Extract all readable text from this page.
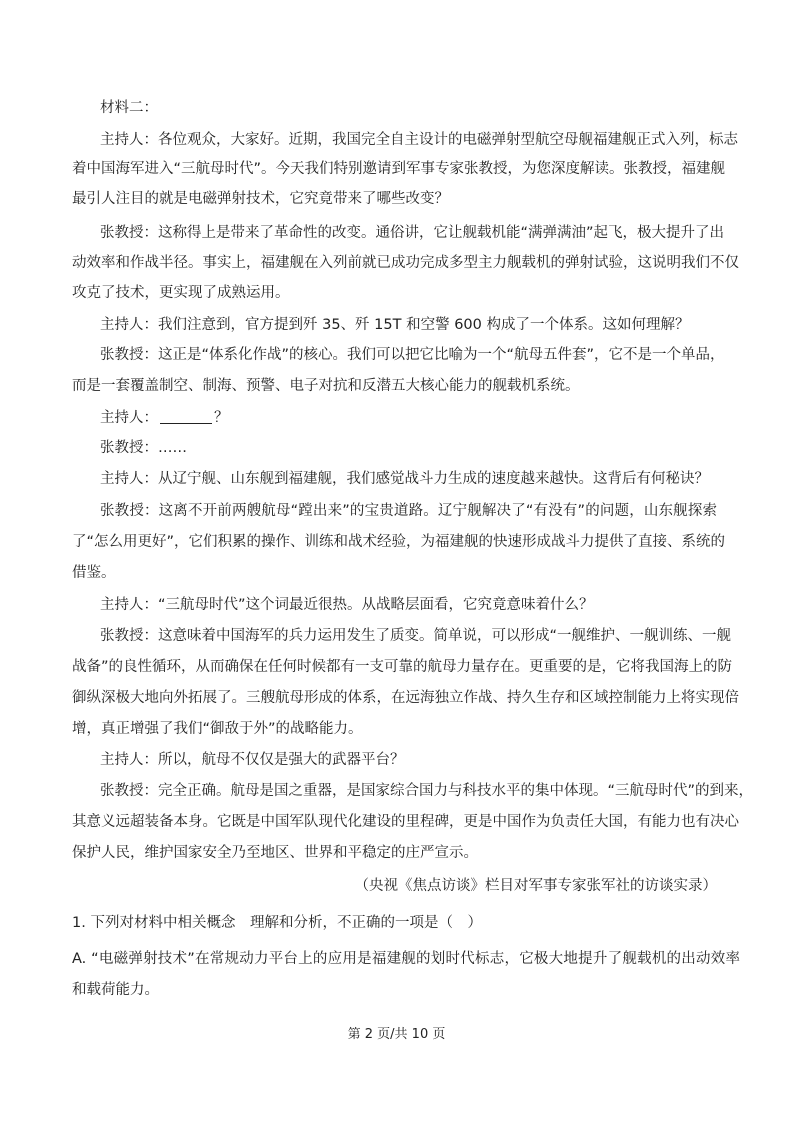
材料二：
主持人：各位观众，大家好。近期，我国完全自主设计的电磁弹射型航空母舰福建舰正式入列，标志
着中国海军进入“三航母时代”。今天我们特别邀请到军事专家张教授，为您深度解读。张教授，福建舰
最引人注目的就是电磁弹射技术，它究竟带来了哪些改变？
张教授：这称得上是带来了革命性的改变。通俗讲，它让舰载机能“满弹满油”起飞，极大提升了出
动效率和作战半径。事实上，福建舰在入列前就已成功完成多型主力舰载机的弹射试验，这说明我们不仅
攻克了技术，更实现了成熟运用。
主持人：我们注意到，官方提到歼 35、歼 15T 和空警 600 构成了一个体系。这如何理解？
张教授：这正是“体系化作战”的核心。我们可以把它比喻为一个“航母五件套”，它不是一个单品，
而是一套覆盖制空、制海、预警、电子对抗和反潜五大核心能力的舰载机系统。
主持人：	？
张教授：……
主持人：从辽宁舰、山东舰到福建舰，我们感觉战斗力生成的速度越来越快。这背后有何秘诀？
张教授：这离不开前两艘航母“蹚出来”的宝贵道路。辽宁舰解决了“有没有”的问题，山东舰探索
了“怎么用更好”，它们积累的操作、训练和战术经验，为福建舰的快速形成战斗力提供了直接、系统的
借鉴。
主持人：“三航母时代”这个词最近很热。从战略层面看，它究竟意味着什么？
张教授：这意味着中国海军的兵力运用发生了质变。简单说，可以形成“一舰维护、一舰训练、一舰
战备”的良性循环，从而确保在任何时候都有一支可靠的航母力量存在。更重要的是，它将我国海上的防
御纵深极大地向外拓展了。三艘航母形成的体系，在远海独立作战、持久生存和区域控制能力上将实现倍
增，真正增强了我们“御敌于外”的战略能力。
主持人：所以，航母不仅仅是强大的武器平台？
张教授：完全正确。航母是国之重器，是国家综合国力与科技水平的集中体现。“三航母时代”的到来，
其意义远超装备本身。它既是中国军队现代化建设的里程碑，更是中国作为负责任大国，有能力也有决心
保护人民，维护国家安全乃至地区、世界和平稳定的庄严宣示。
（央视《焦点访谈》栏目对军事专家张军社的访谈实录）
1. 下列对材料中相关概念　理解和分析，不正确的一项是（　）
A. “电磁弹射技术”在常规动力平台上的应用是福建舰的划时代标志，它极大地提升了舰载机的出动效率
和载荷能力。
第 2 页/共 10 页
